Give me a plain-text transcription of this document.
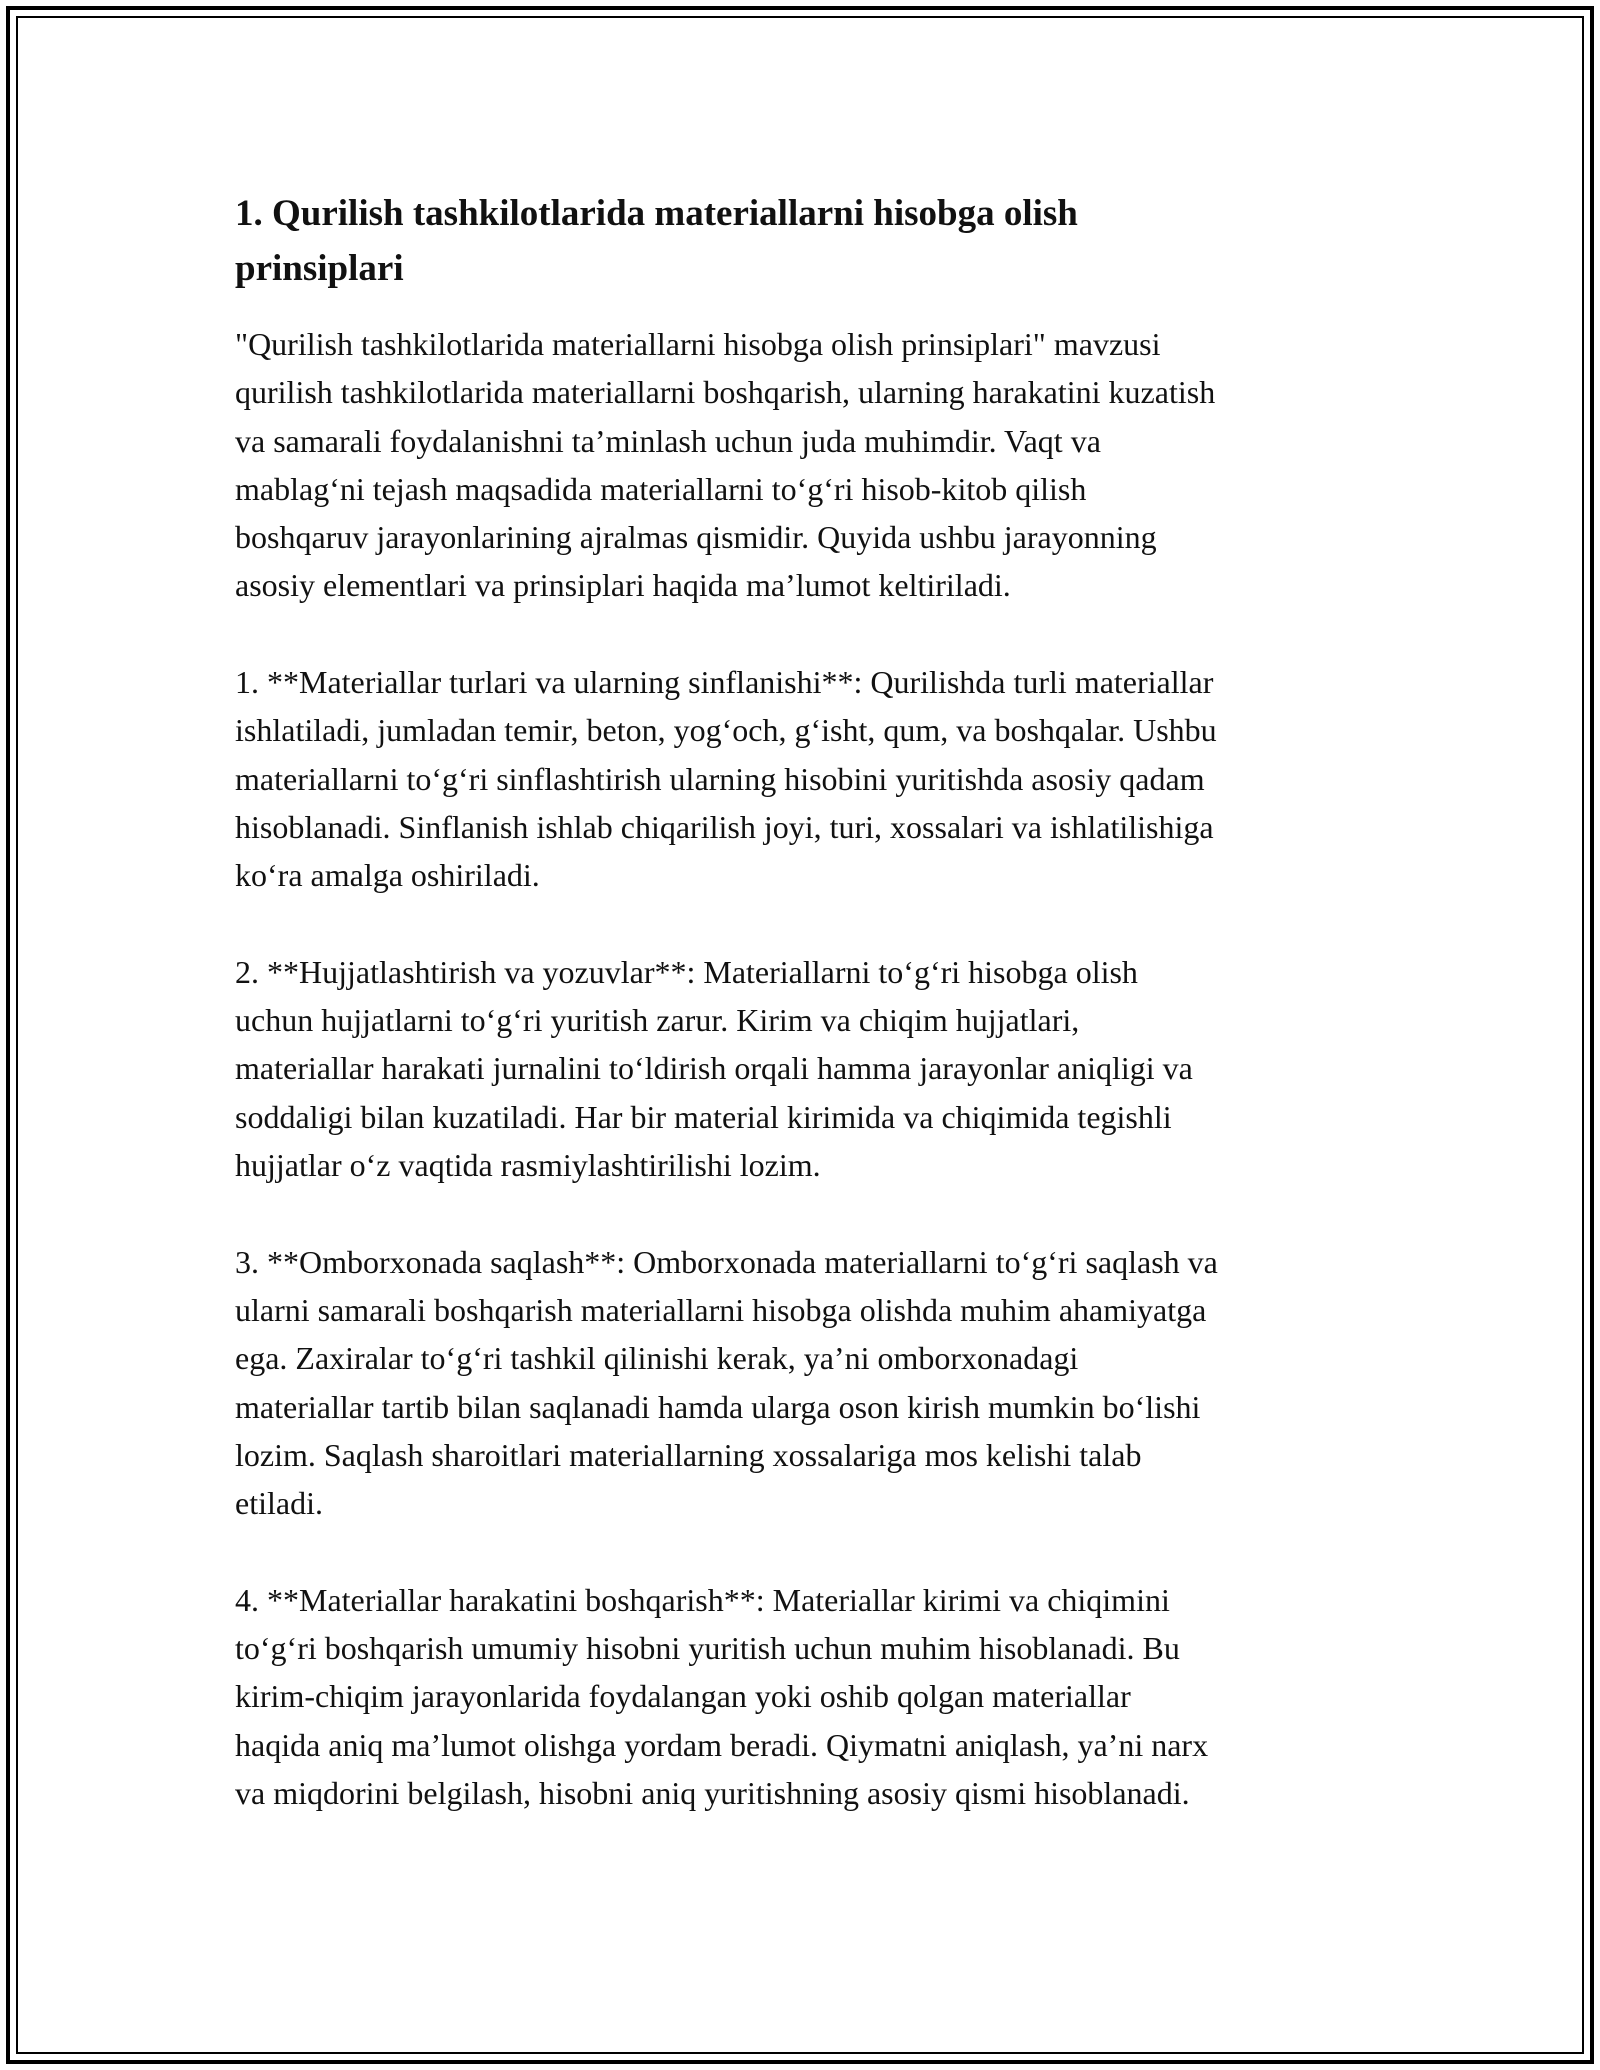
1. Qurilish tashkilotlarida materiallarni hisobga olish
prinsiplari
"Qurilish tashkilotlarida materiallarni hisobga olish prinsiplari" mavzusi
qurilish tashkilotlarida materiallarni boshqarish, ularning harakatini kuzatish
va samarali foydalanishni ta’minlash uchun juda muhimdir. Vaqt va
mablag‘ni tejash maqsadida materiallarni to‘g‘ri hisob-kitob qilish
boshqaruv jarayonlarining ajralmas qismidir. Quyida ushbu jarayonning
asosiy elementlari va prinsiplari haqida ma’lumot keltiriladi.
1. **Materiallar turlari va ularning sinflanishi**: Qurilishda turli materiallar
ishlatiladi, jumladan temir, beton, yog‘och, g‘isht, qum, va boshqalar. Ushbu
materiallarni to‘g‘ri sinflashtirish ularning hisobini yuritishda asosiy qadam
hisoblanadi. Sinflanish ishlab chiqarilish joyi, turi, xossalari va ishlatilishiga
ko‘ra amalga oshiriladi.
2. **Hujjatlashtirish va yozuvlar**: Materiallarni to‘g‘ri hisobga olish
uchun hujjatlarni to‘g‘ri yuritish zarur. Kirim va chiqim hujjatlari,
materiallar harakati jurnalini to‘ldirish orqali hamma jarayonlar aniqligi va
soddaligi bilan kuzatiladi. Har bir material kirimida va chiqimida tegishli
hujjatlar o‘z vaqtida rasmiylashtirilishi lozim.
3. **Omborxonada saqlash**: Omborxonada materiallarni to‘g‘ri saqlash va
ularni samarali boshqarish materiallarni hisobga olishda muhim ahamiyatga
ega. Zaxiralar to‘g‘ri tashkil qilinishi kerak, ya’ni omborxonadagi
materiallar tartib bilan saqlanadi hamda ularga oson kirish mumkin bo‘lishi
lozim. Saqlash sharoitlari materiallarning xossalariga mos kelishi talab
etiladi.
4. **Materiallar harakatini boshqarish**: Materiallar kirimi va chiqimini
to‘g‘ri boshqarish umumiy hisobni yuritish uchun muhim hisoblanadi. Bu
kirim-chiqim jarayonlarida foydalangan yoki oshib qolgan materiallar
haqida aniq ma’lumot olishga yordam beradi. Qiymatni aniqlash, ya’ni narx
va miqdorini belgilash, hisobni aniq yuritishning asosiy qismi hisoblanadi.
